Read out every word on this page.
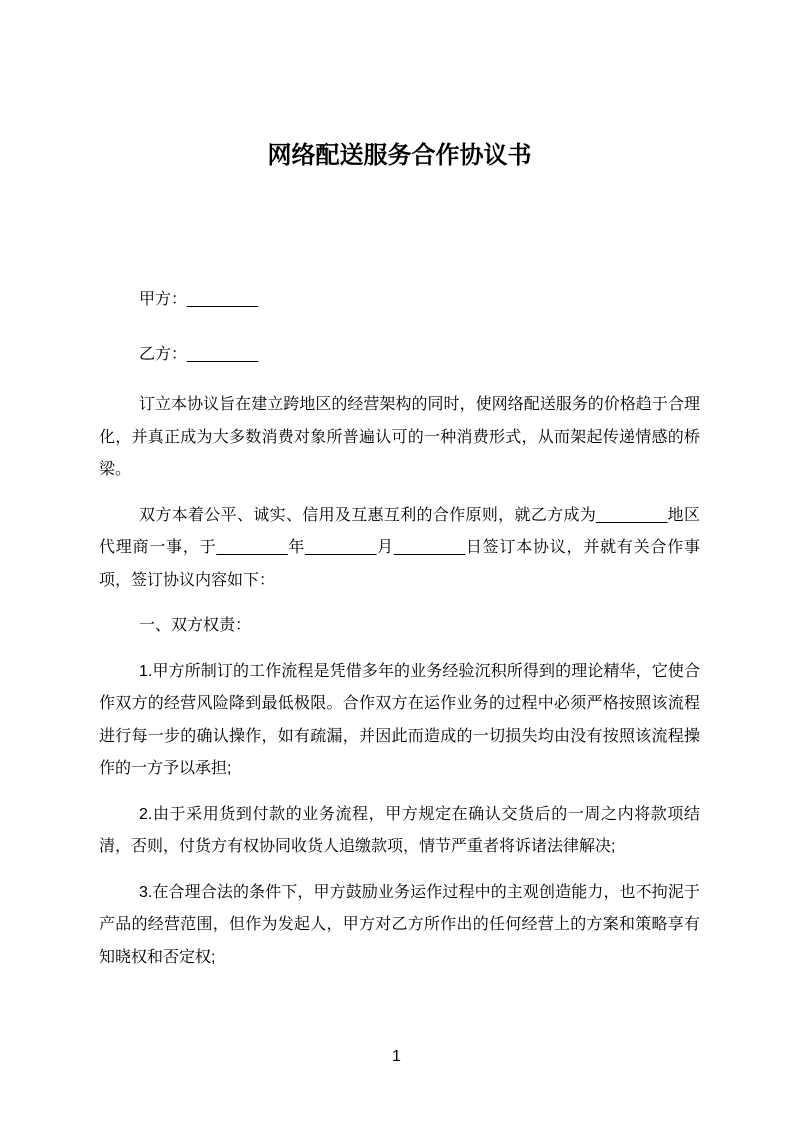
网络配送服务合作协议书

甲方：________

乙方：________

订立本协议旨在建立跨地区的经营架构的同时，使网络配送服务的价格趋于合理化，并真正成为大多数消费对象所普遍认可的一种消费形式，从而架起传递情感的桥梁。

双方本着公平、诚实、信用及互惠互利的合作原则，就乙方成为________地区代理商一事，于________年________月________日签订本协议，并就有关合作事项，签订协议内容如下：

一、双方权责：

1.甲方所制订的工作流程是凭借多年的业务经验沉积所得到的理论精华，它使合作双方的经营风险降到最低极限。合作双方在运作业务的过程中必须严格按照该流程进行每一步的确认操作，如有疏漏，并因此而造成的一切损失均由没有按照该流程操作的一方予以承担;

2.由于采用货到付款的业务流程，甲方规定在确认交货后的一周之内将款项结清，否则，付货方有权协同收货人追缴款项，情节严重者将诉诸法律解决;

3.在合理合法的条件下，甲方鼓励业务运作过程中的主观创造能力，也不拘泥于产品的经营范围，但作为发起人，甲方对乙方所作出的任何经营上的方案和策略享有知晓权和否定权;

1
